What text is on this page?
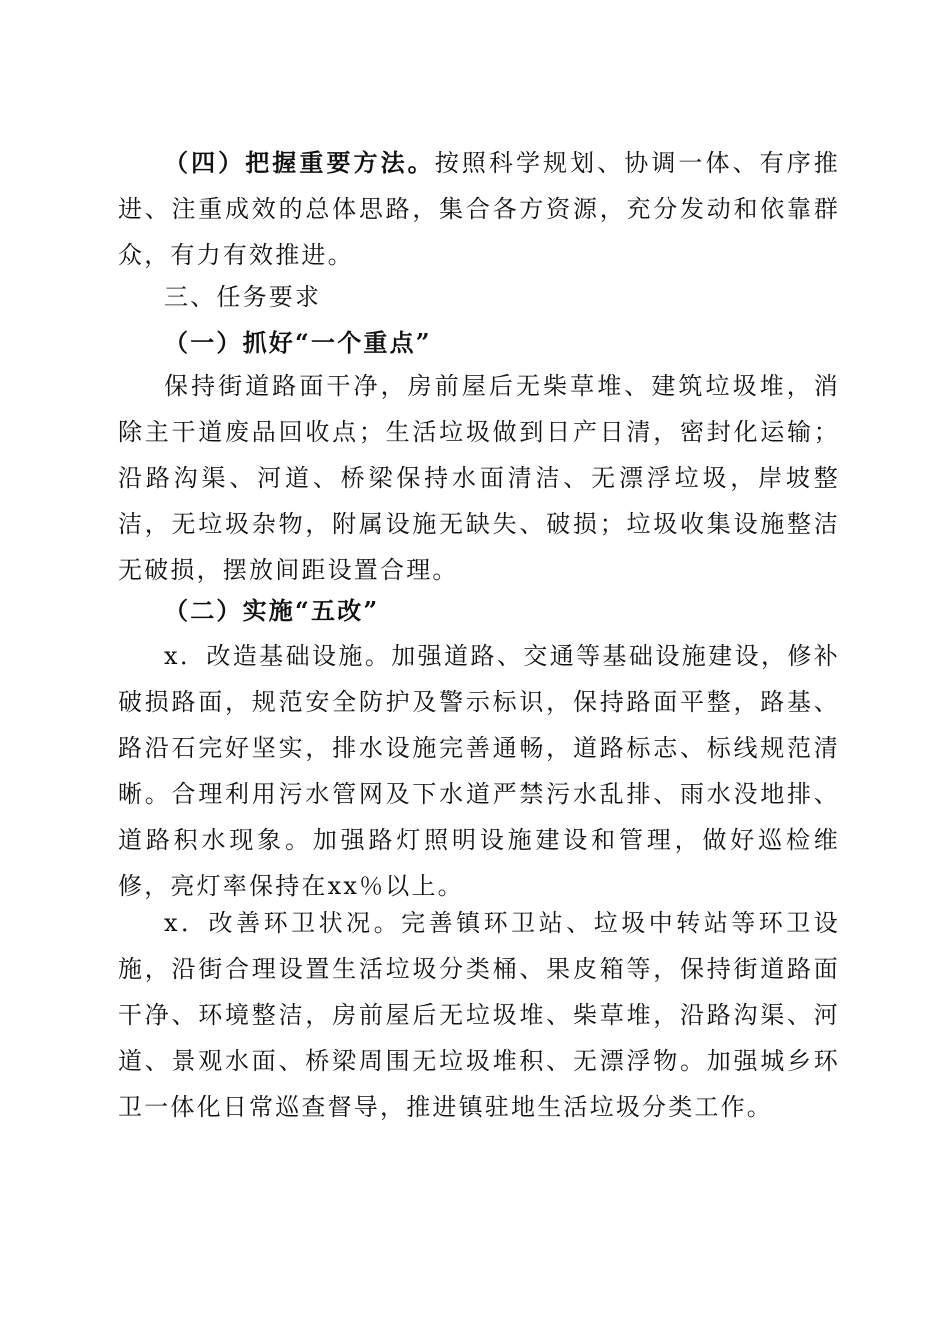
（四）把握重要方法。按照科学规划、协调一体、有序推进、注重成效的总体思路，集合各方资源，充分发动和依靠群众，有力有效推进。

三、任务要求

（一）抓好“一个重点”

保持街道路面干净，房前屋后无柴草堆、建筑垃圾堆，消除主干道废品回收点；生活垃圾做到日产日清，密封化运输；沿路沟渠、河道、桥梁保持水面清洁、无漂浮垃圾，岸坡整洁，无垃圾杂物，附属设施无缺失、破损；垃圾收集设施整洁无破损，摆放间距设置合理。

（二）实施“五改”

x．改造基础设施。加强道路、交通等基础设施建设，修补破损路面，规范安全防护及警示标识，保持路面平整，路基、路沿石完好坚实，排水设施完善通畅，道路标志、标线规范清晰。合理利用污水管网及下水道严禁污水乱排、雨水没地排、道路积水现象。加强路灯照明设施建设和管理，做好巡检维修，亮灯率保持在xx％以上。

x．改善环卫状况。完善镇环卫站、垃圾中转站等环卫设施，沿街合理设置生活垃圾分类桶、果皮箱等，保持街道路面干净、环境整洁，房前屋后无垃圾堆、柴草堆，沿路沟渠、河道、景观水面、桥梁周围无垃圾堆积、无漂浮物。加强城乡环卫一体化日常巡查督导，推进镇驻地生活垃圾分类工作。
